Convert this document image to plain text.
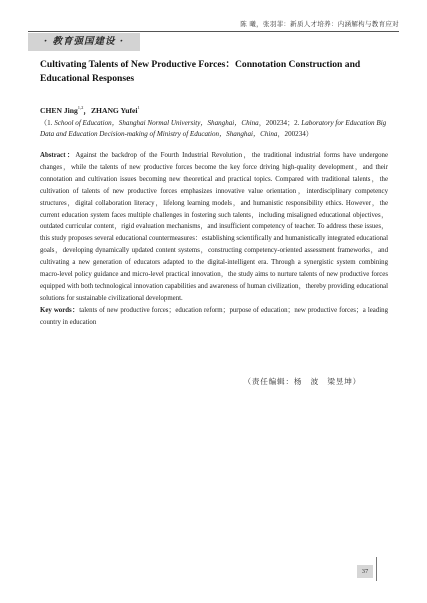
陈 曦，张羽菲：新质人才培养：内涵解构与教育应对
· 教育强国建设 ·
Cultivating Talents of New Productive Forces：Connotation Construction and Educational Responses
CHEN Jing$^{1,2}$，ZHANG Yufei$^1$
（1. School of Education，Shanghai Normal University，Shanghai，China，200234；2. Laboratory for Education Big Data and Education Decision-making of Ministry of Education，Shanghai，China，200234）
Abstract：Against the backdrop of the Fourth Industrial Revolution，the traditional industrial forms have undergone changes，while the talents of new productive forces become the key force driving high-quality development，and their connotation and cultivation issues becoming new theoretical and practical topics. Compared with traditional talents，the cultivation of talents of new productive forces emphasizes innovative value orientation，interdisciplinary competency structures，digital collaboration literacy，lifelong learning models，and humanistic responsibility ethics. However，the current education system faces multiple challenges in fostering such talents，including misaligned educational objectives，outdated curricular content，rigid evaluation mechanisms，and insufficient competency of teacher. To address these issues，this study proposes several educational countermeasures：establishing scientifically and humanistically integrated educational goals，developing dynamically updated content systems，constructing competency-oriented assessment frameworks，and cultivating a new generation of educators adapted to the digital-intelligent era. Through a synergistic system combining macro-level policy guidance and micro-level practical innovation，the study aims to nurture talents of new productive forces equipped with both technological innovation capabilities and awareness of human civilization，thereby providing educational solutions for sustainable civilizational development.
Key words：talents of new productive forces；education reform；purpose of education；new productive forces；a leading country in education
（责任编辑：杨　波　梁昱坤）
37
